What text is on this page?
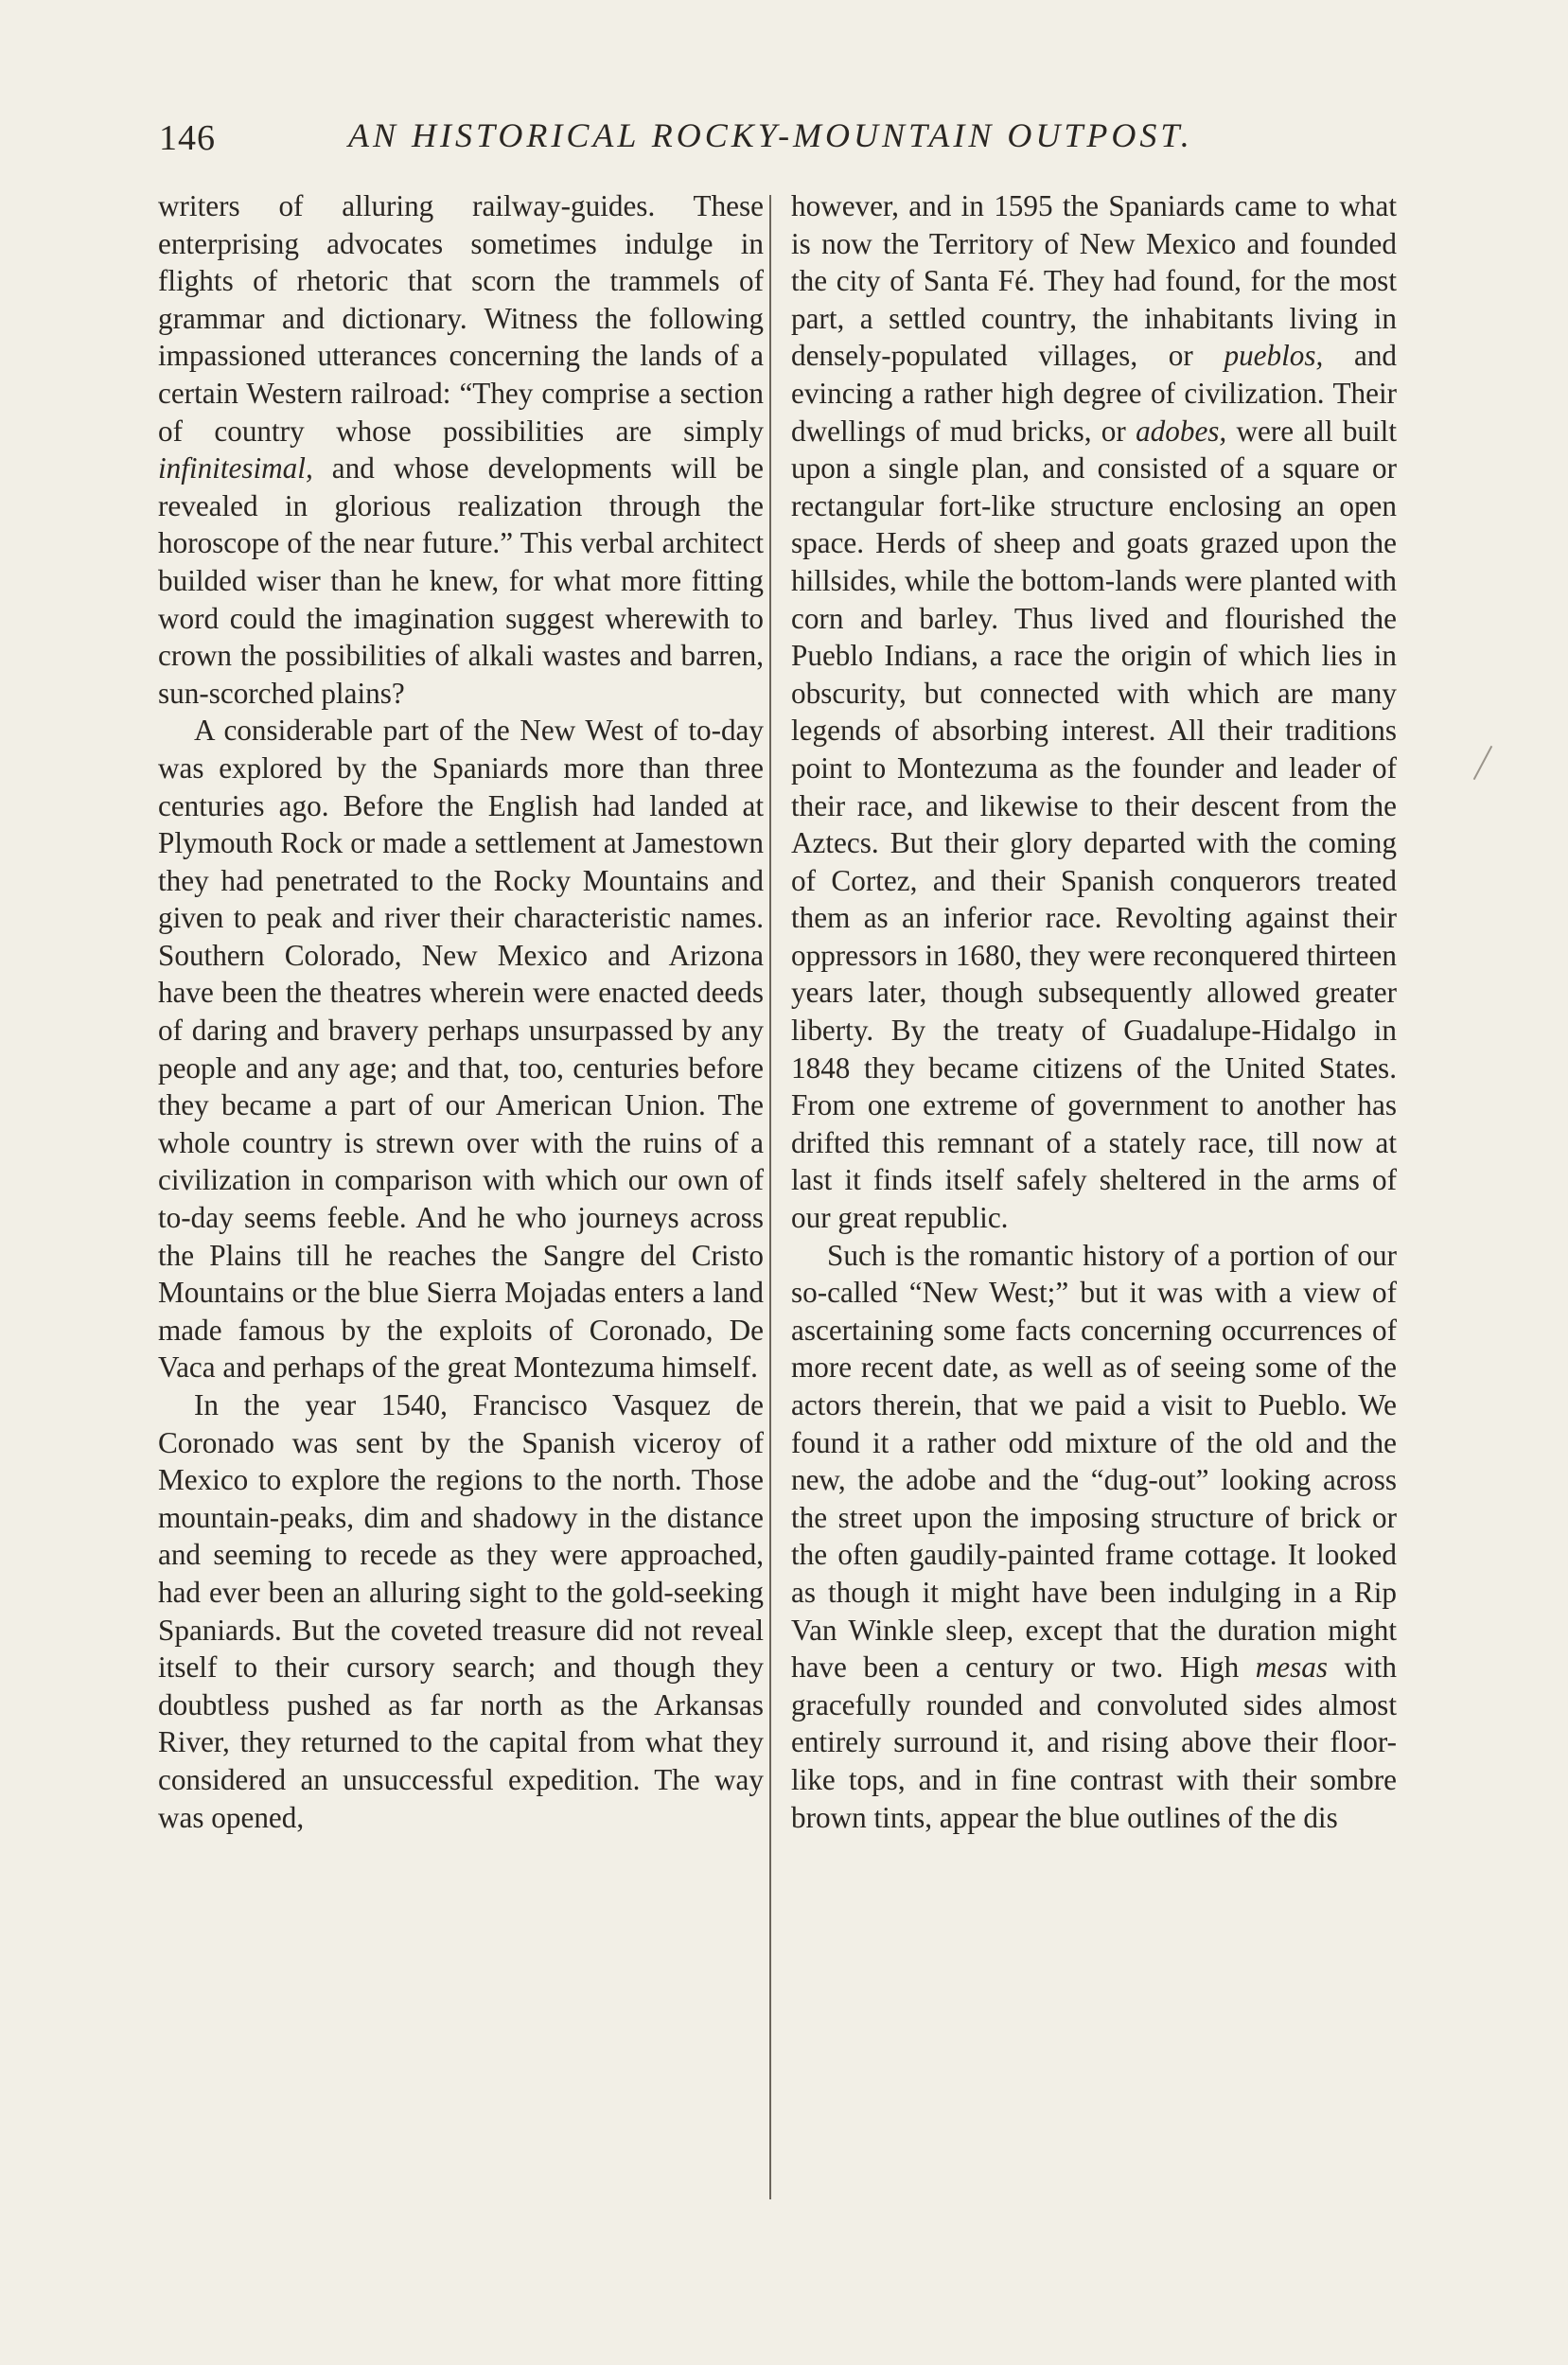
146	AN HISTORICAL ROCKY-MOUNTAIN OUTPOST.

writers of alluring railway-guides. These enterprising advocates sometimes indulge in flights of rhetoric that scorn the trammels of grammar and dictionary. Witness the following impassioned utterances concerning the lands of a certain Western railroad: “They comprise a section of country whose possibilities are simply infinitesimal, and whose developments will be revealed in glorious realization through the horoscope of the near future.” This verbal architect builded wiser than he knew, for what more fitting word could the imagination suggest wherewith to crown the possibilities of alkali wastes and barren, sun-scorched plains?

A considerable part of the New West of to-day was explored by the Spaniards more than three centuries ago. Before the English had landed at Plymouth Rock or made a settlement at Jamestown they had penetrated to the Rocky Mountains and given to peak and river their characteristic names. Southern Colorado, New Mexico and Arizona have been the theatres wherein were enacted deeds of daring and bravery perhaps unsurpassed by any people and any age; and that, too, centuries before they became a part of our American Union. The whole country is strewn over with the ruins of a civilization in comparison with which our own of to-day seems feeble. And he who journeys across the Plains till he reaches the Sangre del Cristo Mountains or the blue Sierra Mojadas enters a land made famous by the exploits of Coronado, De Vaca and perhaps of the great Montezuma himself.

In the year 1540, Francisco Vasquez de Coronado was sent by the Spanish viceroy of Mexico to explore the regions to the north. Those mountain-peaks, dim and shadowy in the distance and seeming to recede as they were approached, had ever been an alluring sight to the gold-seeking Spaniards. But the coveted treasure did not reveal itself to their cursory search; and though they doubtless pushed as far north as the Arkansas River, they returned to the capital from what they considered an unsuccessful expedition. The way was opened,

however, and in 1595 the Spaniards came to what is now the Territory of New Mexico and founded the city of Santa Fé. They had found, for the most part, a settled country, the inhabitants living in densely-populated villages, or pueblos, and evincing a rather high degree of civilization. Their dwellings of mud bricks, or adobes, were all built upon a single plan, and consisted of a square or rectangular fort-like structure enclosing an open space. Herds of sheep and goats grazed upon the hillsides, while the bottom-lands were planted with corn and barley. Thus lived and flourished the Pueblo Indians, a race the origin of which lies in obscurity, but connected with which are many legends of absorbing interest. All their traditions point to Montezuma as the founder and leader of their race, and likewise to their descent from the Aztecs. But their glory departed with the coming of Cortez, and their Spanish conquerors treated them as an inferior race. Revolting against their oppressors in 1680, they were reconquered thirteen years later, though subsequently allowed greater liberty. By the treaty of Guadalupe-Hidalgo in 1848 they became citizens of the United States. From one extreme of government to another has drifted this remnant of a stately race, till now at last it finds itself safely sheltered in the arms of our great republic.

Such is the romantic history of a portion of our so-called “New West;” but it was with a view of ascertaining some facts concerning occurrences of more recent date, as well as of seeing some of the actors therein, that we paid a visit to Pueblo. We found it a rather odd mixture of the old and the new, the adobe and the “dug-out” looking across the street upon the imposing structure of brick or the often gaudily-painted frame cottage. It looked as though it might have been indulging in a Rip Van Winkle sleep, except that the duration might have been a century or two. High mesas with gracefully rounded and convoluted sides almost entirely surround it, and rising above their floor-like tops, and in fine contrast with their sombre brown tints, appear the blue outlines of the dis
